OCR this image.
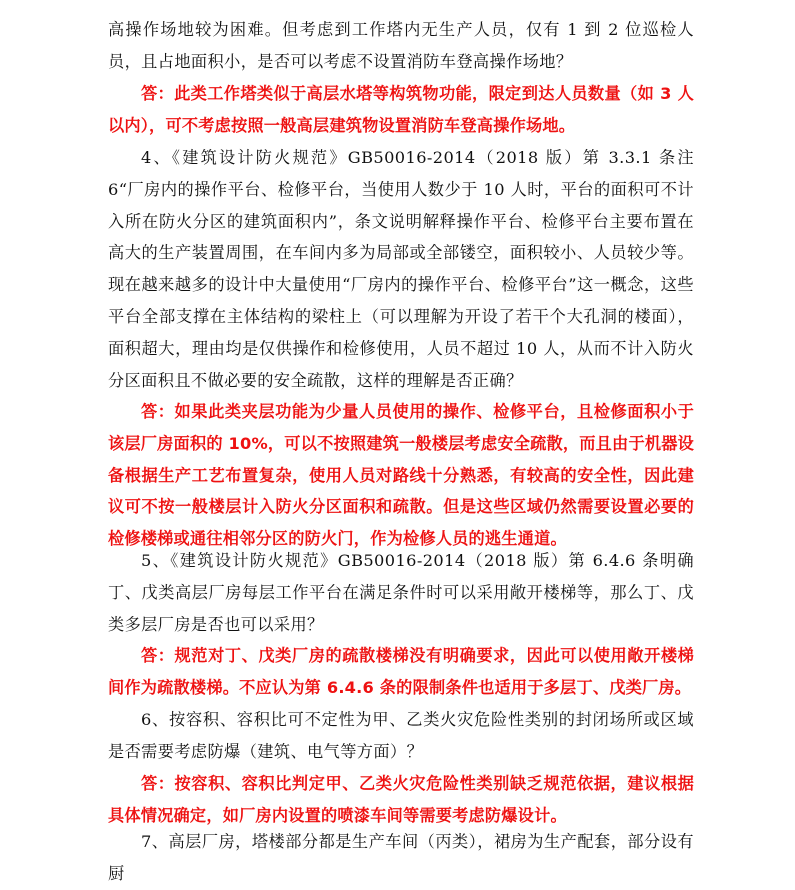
高操作场地较为困难。但考虑到工作塔内无生产人员，仅有 1 到 2 位巡检人员，且占地面积小，是否可以考虑不设置消防车登高操作场地？

答：此类工作塔类似于高层水塔等构筑物功能，限定到达人员数量（如 3 人以内），可不考虑按照一般高层建筑物设置消防车登高操作场地。

4、《建筑设计防火规范》GB50016-2014（2018 版）第 3.3.1 条注 6“厂房内的操作平台、检修平台，当使用人数少于 10 人时，平台的面积可不计入所在防火分区的建筑面积内”，条文说明解释操作平台、检修平台主要布置在高大的生产装置周围，在车间内多为局部或全部镂空，面积较小、人员较少等。现在越来越多的设计中大量使用“厂房内的操作平台、检修平台”这一概念，这些平台全部支撑在主体结构的梁柱上（可以理解为开设了若干个大孔洞的楼面），面积超大，理由均是仅供操作和检修使用，人员不超过 10 人，从而不计入防火分区面积且不做必要的安全疏散，这样的理解是否正确？

答：如果此类夹层功能为少量人员使用的操作、检修平台，且检修面积小于该层厂房面积的 10%，可以不按照建筑一般楼层考虑安全疏散，而且由于机器设备根据生产工艺布置复杂，使用人员对路线十分熟悉，有较高的安全性，因此建议可不按一般楼层计入防火分区面积和疏散。但是这些区域仍然需要设置必要的检修楼梯或通往相邻分区的防火门，作为检修人员的逃生通道。

5、《建筑设计防火规范》GB50016-2014（2018 版）第 6.4.6 条明确丁、戊类高层厂房每层工作平台在满足条件时可以采用敞开楼梯等，那么丁、戊类多层厂房是否也可以采用？

答：规范对丁、戊类厂房的疏散楼梯没有明确要求，因此可以使用敞开楼梯间作为疏散楼梯。不应认为第 6.4.6 条的限制条件也适用于多层丁、戊类厂房。

6、按容积、容积比可不定性为甲、乙类火灾危险性类别的封闭场所或区域是否需要考虑防爆（建筑、电气等方面）？

答：按容积、容积比判定甲、乙类火灾危险性类别缺乏规范依据，建议根据具体情况确定，如厂房内设置的喷漆车间等需要考虑防爆设计。

7、高层厂房，塔楼部分都是生产车间（丙类），裙房为生产配套，部分设有厨
